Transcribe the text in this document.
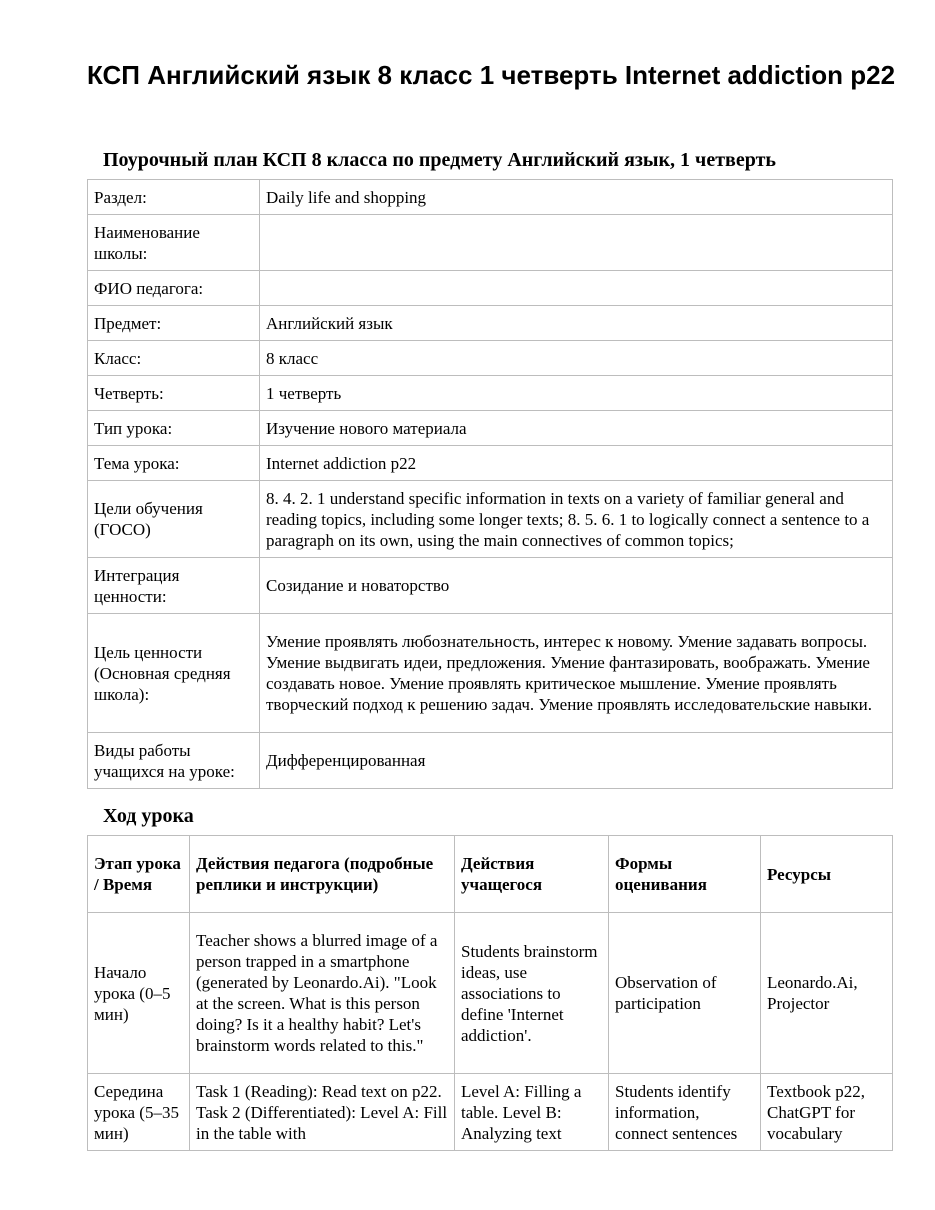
КСП Английский язык 8 класс 1 четверть Internet addiction p22
Поурочный план КСП 8 класса по предмету Английский язык, 1 четверть
Раздел:	Daily life and shopping
Наименование школы:	
ФИО педагога:	
Предмет:	Английский язык
Класс:	8 класс
Четверть:	1 четверть
Тип урока:	Изучение нового материала
Тема урока:	Internet addiction p22
Цели обучения (ГОСО)	8. 4. 2. 1 understand specific information in texts on a variety of familiar general and reading topics, including some longer texts; 8. 5. 6. 1 to logically connect a sentence to a paragraph on its own, using the main connectives of common topics;
Интеграция ценности:	Созидание и новаторство
Цель ценности (Основная средняя школа):	Умение проявлять любознательность, интерес к новому. Умение задавать вопросы. Умение выдвигать идеи, предложения. Умение фантазировать, воображать. Умение создавать новое. Умение проявлять критическое мышление. Умение проявлять творческий подход к решению задач. Умение проявлять исследовательские навыки.
Виды работы учащихся на уроке:	Дифференцированная
Ход урока
Этап урока / Время	Действия педагога (подробные реплики и инструкции)	Действия учащегося	Формы оценивания	Ресурсы
Начало урока (0–5 мин)	Teacher shows a blurred image of a person trapped in a smartphone (generated by Leonardo.Ai). "Look at the screen. What is this person doing? Is it a healthy habit? Let's brainstorm words related to this."	Students brainstorm ideas, use associations to define 'Internet addiction'.	Observation of participation	Leonardo.Ai, Projector
Середина урока (5–35 мин)	Task 1 (Reading): Read text on p22. Task 2 (Differentiated): Level A: Fill in the table with	Level A: Filling a table. Level B: Analyzing text	Students identify information, connect sentences	Textbook p22, ChatGPT for vocabulary
